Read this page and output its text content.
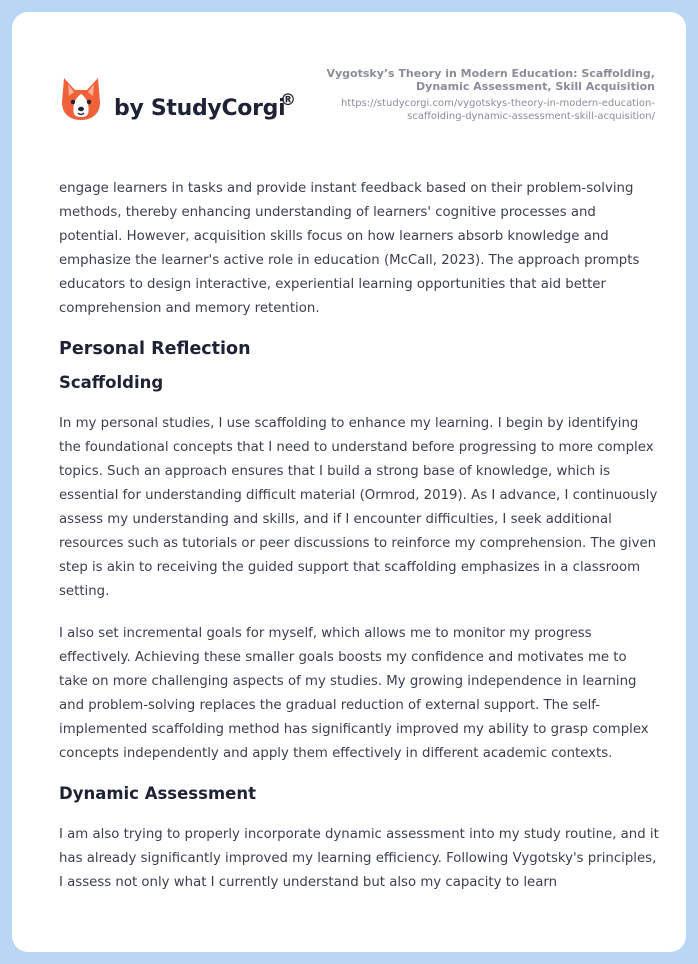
by StudyCorgi
®
Vygotsky’s Theory in Modern Education: Scaffolding, Dynamic Assessment, Skill Acquisition
https://studycorgi.com/vygotskys-theory-in-modern-education-scaffolding-dynamic-assessment-skill-acquisition/

engage learners in tasks and provide instant feedback based on their problem-solving methods, thereby enhancing understanding of learners' cognitive processes and potential. However, acquisition skills focus on how learners absorb knowledge and emphasize the learner's active role in education (McCall, 2023). The approach prompts educators to design interactive, experiential learning opportunities that aid better comprehension and memory retention.

Personal Reflection
Scaffolding

In my personal studies, I use scaffolding to enhance my learning. I begin by identifying the foundational concepts that I need to understand before progressing to more complex topics. Such an approach ensures that I build a strong base of knowledge, which is essential for understanding difficult material (Ormrod, 2019). As I advance, I continuously assess my understanding and skills, and if I encounter difficulties, I seek additional resources such as tutorials or peer discussions to reinforce my comprehension. The given step is akin to receiving the guided support that scaffolding emphasizes in a classroom setting.

I also set incremental goals for myself, which allows me to monitor my progress effectively. Achieving these smaller goals boosts my confidence and motivates me to take on more challenging aspects of my studies. My growing independence in learning and problem-solving replaces the gradual reduction of external support. The self-implemented scaffolding method has significantly improved my ability to grasp complex concepts independently and apply them effectively in different academic contexts.

Dynamic Assessment

I am also trying to properly incorporate dynamic assessment into my study routine, and it has already significantly improved my learning efficiency. Following Vygotsky's principles, I assess not only what I currently understand but also my capacity to learn
